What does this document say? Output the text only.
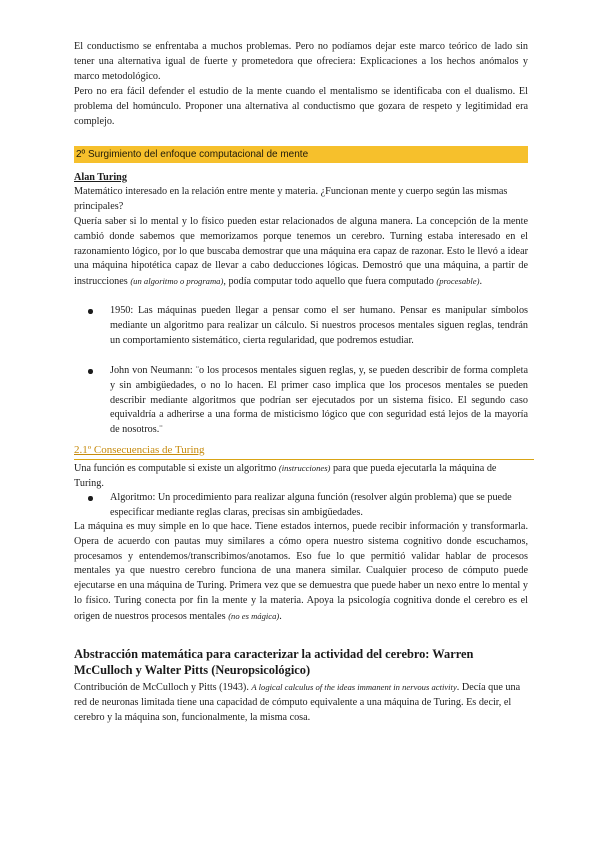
El conductismo se enfrentaba a muchos problemas. Pero no podíamos dejar este marco teórico de lado sin tener una alternativa igual de fuerte y prometedora que ofreciera: Explicaciones a los hechos anómalos y marco metodológico.

Pero no era fácil defender el estudio de la mente cuando el mentalismo se identificaba con el dualismo. El problema del homúnculo. Proponer una alternativa al conductismo que gozara de respeto y legitimidad era complejo.

2º Surgimiento del enfoque computacional de mente

Alan Turing

Matemático interesado en la relación entre mente y materia. ¿Funcionan mente y cuerpo según las mismas principales?

Quería saber si lo mental y lo físico pueden estar relacionados de alguna manera. La concepción de la mente cambió donde sabemos que memorizamos porque tenemos un cerebro. Turning estaba interesado en el razonamiento lógico, por lo que buscaba demostrar que una máquina era capaz de razonar. Esto le llevó a idear una máquina hipotética capaz de llevar a cabo deducciones lógicas. Demostró que una máquina, a partir de instrucciones (un algoritmo o programa), podía computar todo aquello que fuera computado (procesable).

1950: Las máquinas pueden llegar a pensar como el ser humano. Pensar es manipular símbolos mediante un algoritmo para realizar un cálculo. Si nuestros procesos mentales siguen reglas, tendrán un comportamiento sistemático, cierta regularidad, que podremos estudiar.

John von Neumann: ¨o los procesos mentales siguen reglas, y, se pueden describir de forma completa y sin ambigüedades, o no lo hacen. El primer caso implica que los procesos mentales se pueden describir mediante algoritmos que podrían ser ejecutados por un sistema físico. El segundo caso equivaldría a adherirse a una forma de misticismo lógico que con seguridad está lejos de la mayoría de nosotros.¨

2.1º Consecuencias de Turing

Una función es computable si existe un algoritmo (instrucciones) para que pueda ejecutarla la máquina de Turing.

Algoritmo: Un procedimiento para realizar alguna función (resolver algún problema) que se puede especificar mediante reglas claras, precisas sin ambigüedades.

La máquina es muy simple en lo que hace. Tiene estados internos, puede recibir información y transformarla. Opera de acuerdo con pautas muy similares a cómo opera nuestro sistema cognitivo donde escuchamos, procesamos y entendemos/transcribimos/anotamos. Eso fue lo que permitió validar hablar de procesos mentales ya que nuestro cerebro funciona de una manera similar. Cualquier proceso de cómputo puede ejecutarse en una máquina de Turing. Primera vez que se demuestra que puede haber un nexo entre lo mental y lo físico. Turing conecta por fin la mente y la materia. Apoya la psicología cognitiva donde el cerebro es el origen de nuestros procesos mentales (no es mágica).

Abstracción matemática para caracterizar la actividad del cerebro: Warren McCulloch y Walter Pitts (Neuropsicológico)

Contribución de McCulloch y Pitts (1943). A logical calculus of the ideas immanent in nervous activity. Decía que una red de neuronas limitada tiene una capacidad de cómputo equivalente a una máquina de Turing. Es decir, el cerebro y la máquina son, funcionalmente, la misma cosa.
